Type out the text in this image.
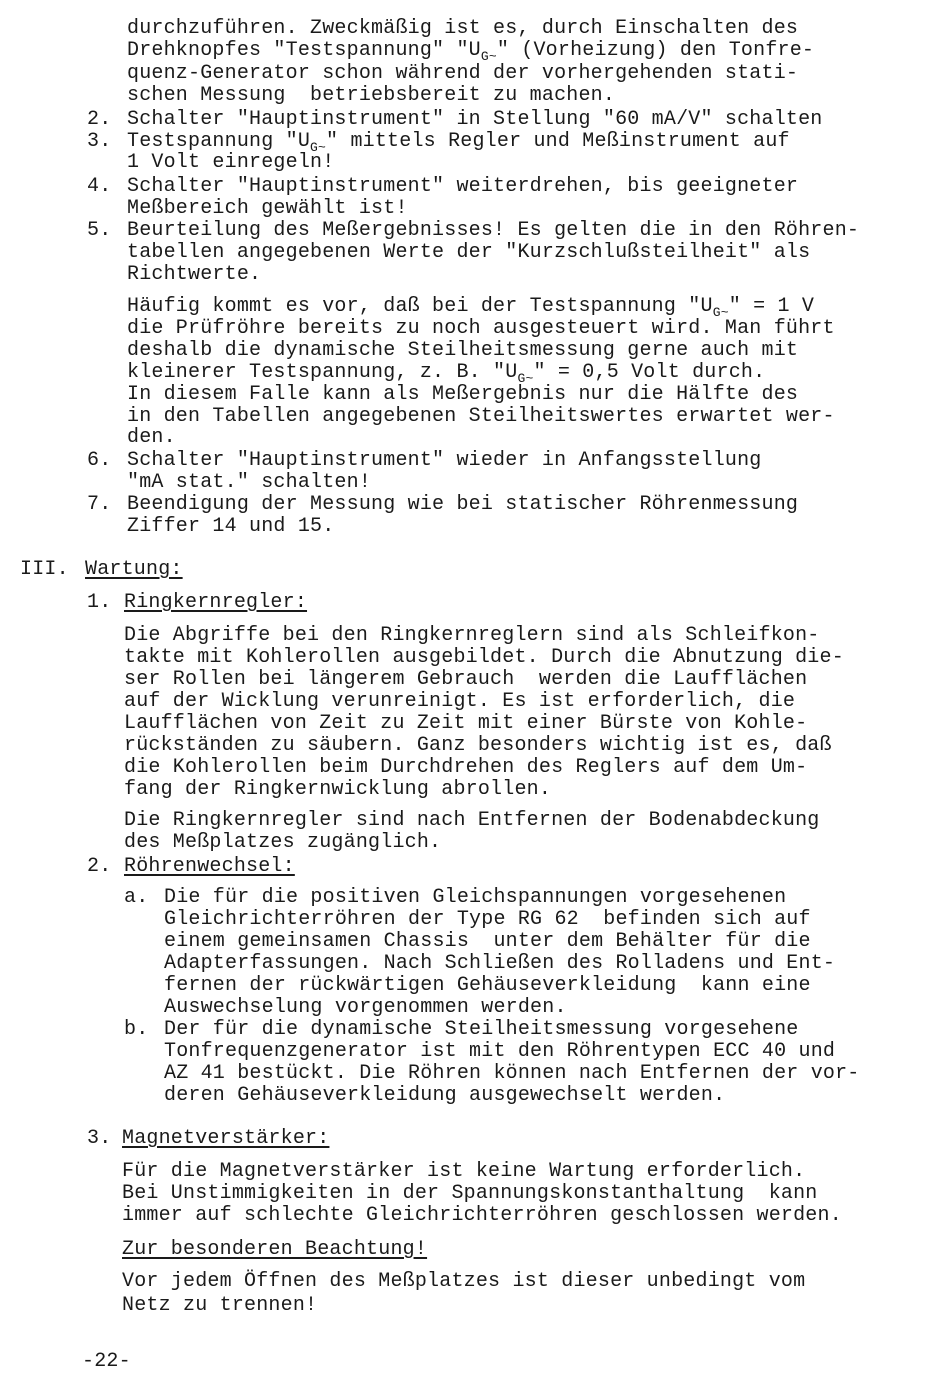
durchzuführen. Zweckmäßig ist es, durch Einschalten des
Drehknopfes "Testspannung" "$U_{G\sim}$" (Vorheizung) den Tonfre-
quenz-Generator schon während der vorhergehenden stati-
schen Messung  betriebsbereit zu machen.
2. Schalter "Hauptinstrument" in Stellung "60 mA/V" schalten
3. Testspannung "$U_{G\sim}$" mittels Regler und Meßinstrument auf
1 Volt einregeln!
4. Schalter "Hauptinstrument" weiterdrehen, bis geeigneter
Meßbereich gewählt ist!
5. Beurteilung des Meßergebnisses! Es gelten die in den Röhren-
tabellen angegebenen Werte der "Kurzschlußsteilheit" als
Richtwerte.
Häufig kommt es vor, daß bei der Testspannung "$U_{G\sim}$" = 1 V
die Prüfröhre bereits zu noch ausgesteuert wird. Man führt
deshalb die dynamische Steilheitsmessung gerne auch mit
kleinerer Testspannung, z. B. "$U_{G\sim}$" = 0,5 Volt durch.
In diesem Falle kann als Meßergebnis nur die Hälfte des
in den Tabellen angegebenen Steilheitswertes erwartet wer-
den.
6. Schalter "Hauptinstrument" wieder in Anfangsstellung
"mA stat." schalten!
7. Beendigung der Messung wie bei statischer Röhrenmessung
Ziffer 14 und 15.
III. Wartung:
1. Ringkernregler:
Die Abgriffe bei den Ringkernreglern sind als Schleifkon-
takte mit Kohlerollen ausgebildet. Durch die Abnutzung die-
ser Rollen bei längerem Gebrauch  werden die Laufflächen
auf der Wicklung verunreinigt. Es ist erforderlich, die
Laufflächen von Zeit zu Zeit mit einer Bürste von Kohle-
rückständen zu säubern. Ganz besonders wichtig ist es, daß
die Kohlerollen beim Durchdrehen des Reglers auf dem Um-
fang der Ringkernwicklung abrollen.
Die Ringkernregler sind nach Entfernen der Bodenabdeckung
des Meßplatzes zugänglich.
2. Röhrenwechsel:
a. Die für die positiven Gleichspannungen vorgesehenen
Gleichrichterröhren der Type RG 62  befinden sich auf
einem gemeinsamen Chassis  unter dem Behälter für die
Adapterfassungen. Nach Schließen des Rolladens und Ent-
fernen der rückwärtigen Gehäuseverkleidung  kann eine
Auswechselung vorgenommen werden.
b. Der für die dynamische Steilheitsmessung vorgesehene
Tonfrequenzgenerator ist mit den Röhrentypen ECC 40 und
AZ 41 bestückt. Die Röhren können nach Entfernen der vor-
deren Gehäuseverkleidung ausgewechselt werden.
3. Magnetverstärker:
Für die Magnetverstärker ist keine Wartung erforderlich.
Bei Unstimmigkeiten in der Spannungskonstanthaltung  kann
immer auf schlechte Gleichrichterröhren geschlossen werden.
Zur besonderen Beachtung!
Vor jedem Öffnen des Meßplatzes ist dieser unbedingt vom
Netz zu trennen!
-22-
